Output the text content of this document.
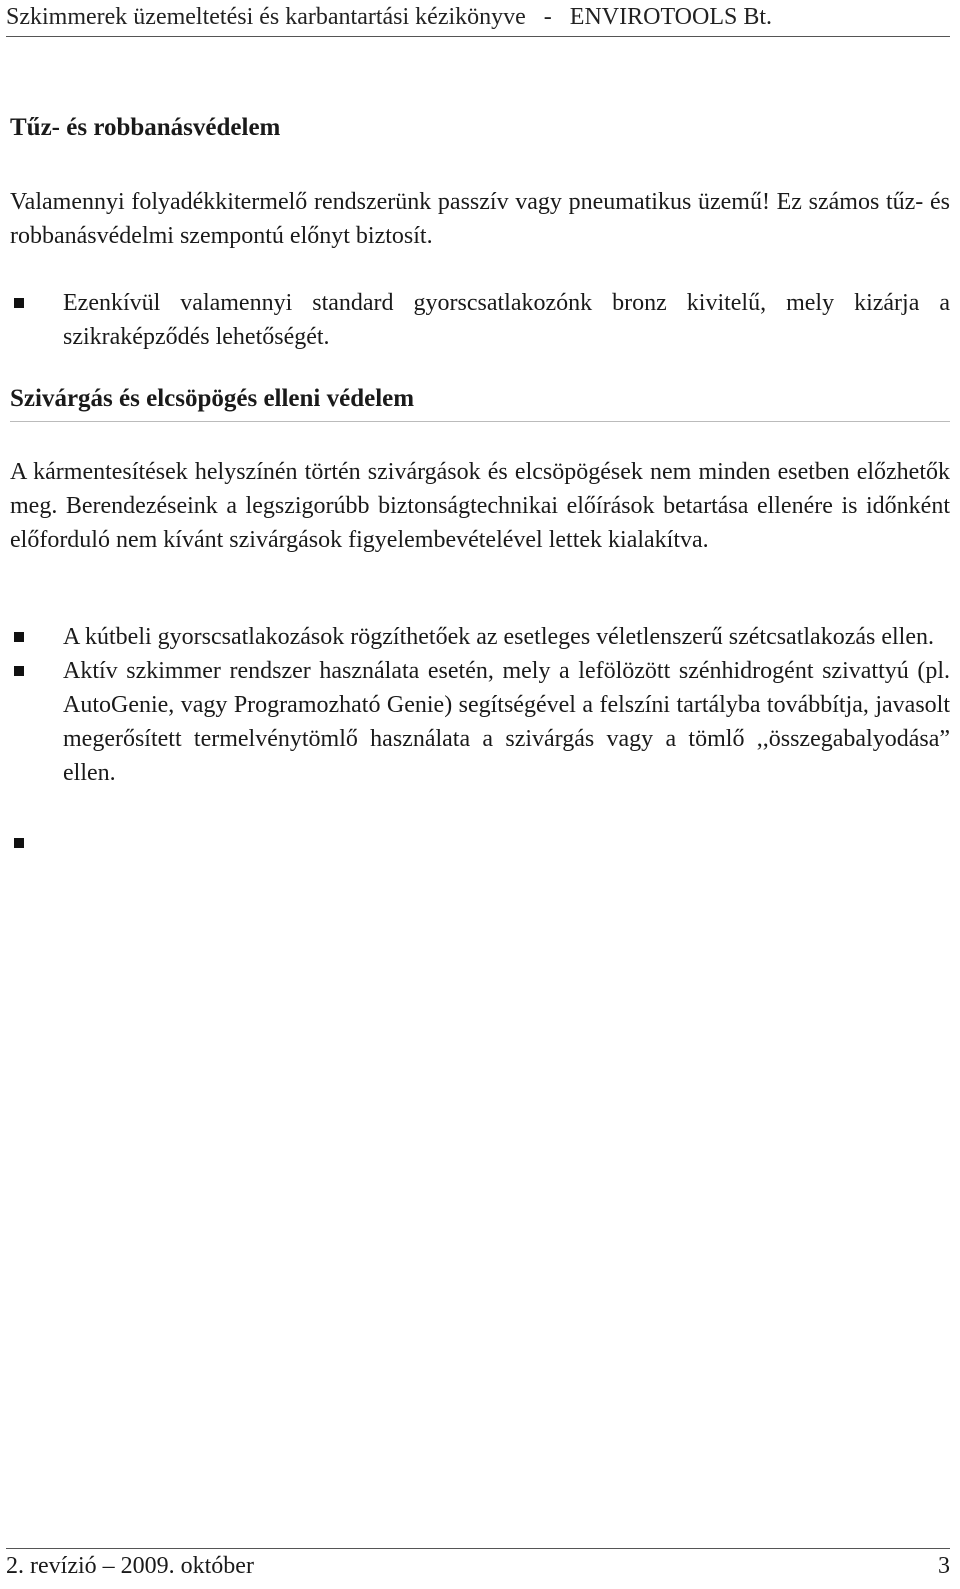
Szkimmerek üzemeltetési és karbantartási kézikönyve - ENVIROTOOLS Bt.
Tűz- és robbanásvédelem

Valamennyi folyadékkitermelő rendszerünk passzív vagy pneumatikus üzemű! Ez számos tűz- és robbanásvédelmi szempontú előnyt biztosít.

Ezenkívül valamennyi standard gyorscsatlakozónk bronz kivitelű, mely kizárja a szikraképződés lehetőségét.
Szivárgás és elcsöpögés elleni védelem

A kármentesítések helyszínén történ szivárgások és elcsöpögések nem minden esetben előzhetők meg. Berendezéseink a legszigorúbb biztonságtechnikai előírások betartása ellenére is időnként előforduló nem kívánt szivárgások figyelembevételével lettek kialakítva.

A kútbeli gyorscsatlakozások rögzíthetőek az esetleges véletlenszerű szétcsatlakozás ellen.
Aktív szkimmer rendszer használata esetén, mely a lefölözött szénhidrogént szivattyú (pl. AutoGenie, vagy Programozható Genie) segítségével a felszíni tartályba továbbítja, javasolt megerősített termelvénytömlő használata a szivárgás vagy a tömlő ,,összegabalyodása” ellen.
2. revízió – 2009. október	3
